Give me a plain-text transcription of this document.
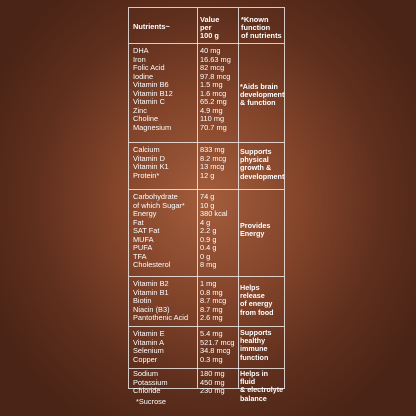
Nutrients~
Value
per
100 g
*Known
function
of nutrients
DHA
Iron
Folic Acid
Iodine
Vitamin B6
Vitamin B12
Vitamin C
Zinc
Choline
Magnesium
40 mg
16.63 mg
82 mcg
97.8 mcg
1.5 mg
1.6 mcg
65.2 mg
4.9 mg
110 mg
70.7 mg
*Aids brain
development
& function
Calcium
Vitamin D
Vitamin K1
Protein*
833 mg
8.2 mcg
13 mcg
12 g
Supports
physical
growth &
development
Carbohydrate
of which Sugar*
Energy
Fat
SAT Fat
MUFA
PUFA
TFA
Cholesterol
74 g
10 g
380 kcal
4 g
2.2 g
0.9 g
0.4 g
0 g
8 mg
Provides
Energy
Vitamin B2
Vitamin B1
Biotin
Niacin (B3)
Pantothenic Acid
1 mg
0.8 mg
8.7 mcg
8.7 mg
2.6 mg
Helps release
of energy
from food
Vitamin E
Vitamin A
Selenium
Copper
5.4 mg
521.7 mcg
34.8 mcg
0.3 mg
Supports
healthy
immune
function
Sodium
Potassium
Chloride
180 mg
450 mg
230 mg
Helps in fluid
& electrolyte
balance
*Sucrose
